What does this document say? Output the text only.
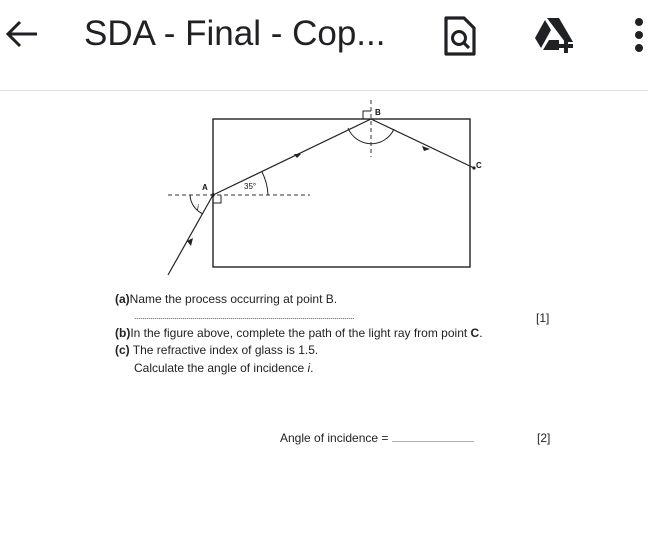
SDA - Final - Cop...
A
B
C
i
35°
(a)Name the process occurring at point B.
..............................................................................................................	[1]
(b)In the figure above, complete the path of the light ray from point C.
(c) The refractive index of glass is 1.5.
Calculate the angle of incidence i.
Angle of incidence = .........................................	[2]
